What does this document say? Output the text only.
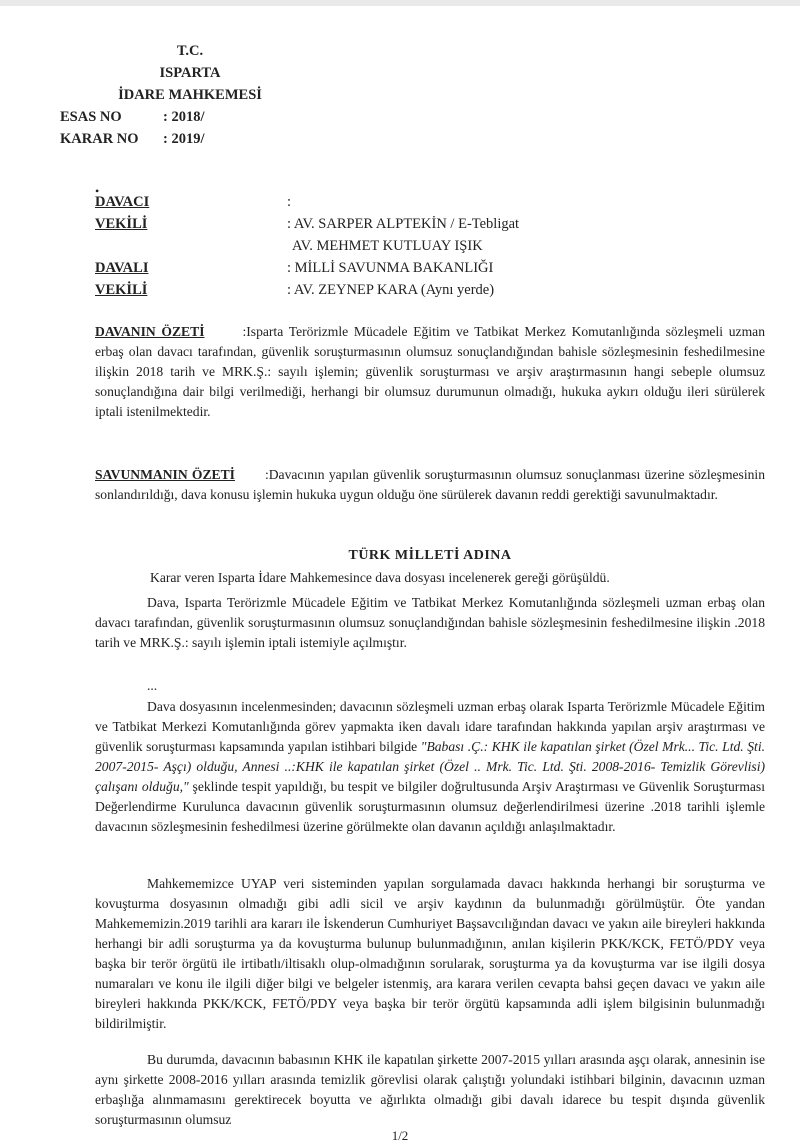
T.C.
ISPARTA
İDARE MAHKEMESİ
ESAS NO	: 2018/
KARAR NO	: 2019/
•
DAVACI	:
VEKİLİ	: AV. SARPER ALPTEKİN / E-Tebligat
AV. MEHMET KUTLUAY IŞIK
DAVALI	: MİLLİ SAVUNMA BAKANLIĞI
VEKİLİ	: AV. ZEYNEP KARA (Aynı yerde)
DAVANIN ÖZETİ	:Isparta Terörizmle Mücadele Eğitim ve Tatbikat Merkez Komutanlığında sözleşmeli uzman erbaş olan davacı tarafından, güvenlik soruşturmasının olumsuz sonuçlandığından bahisle sözleşmesinin feshedilmesine ilişkin 2018 tarih ve MRK.Ş.: sayılı işlemin; güvenlik soruşturması ve arşiv araştırmasının hangi sebeple olumsuz sonuçlandığına dair bilgi verilmediği, herhangi bir olumsuz durumunun olmadığı, hukuka aykırı olduğu ileri sürülerek iptali istenilmektedir.
SAVUNMANIN ÖZETİ :Davacının yapılan güvenlik soruşturmasının olumsuz sonuçlanması üzerine sözleşmesinin sonlandırıldığı, dava konusu işlemin hukuka uygun olduğu öne sürülerek davanın reddi gerektiği savunulmaktadır.
TÜRK MİLLETİ ADINA
Karar veren Isparta İdare Mahkemesince dava dosyası incelenerek gereği görüşüldü.
Dava, Isparta Terörizmle Mücadele Eğitim ve Tatbikat Merkez Komutanlığında sözleşmeli uzman erbaş olan davacı tarafından, güvenlik soruşturmasının olumsuz sonuçlandığından bahisle sözleşmesinin feshedilmesine ilişkin .2018 tarih ve MRK.Ş.: sayılı işlemin iptali istemiyle açılmıştır.
...
Dava dosyasının incelenmesinden; davacının sözleşmeli uzman erbaş olarak Isparta Terörizmle Mücadele Eğitim ve Tatbikat Merkezi Komutanlığında görev yapmakta iken davalı idare tarafından hakkında yapılan arşiv araştırması ve güvenlik soruşturması kapsamında yapılan istihbari bilgide "Babası .Ç.: KHK ile kapatılan şirket (Özel Mrk... Tic. Ltd. Şti. 2007-2015- Aşçı) olduğu, Annesi ..:KHK ile kapatılan şirket (Özel .. Mrk. Tic. Ltd. Şti. 2008-2016- Temizlik Görevlisi) çalışanı olduğu," şeklinde tespit yapıldığı, bu tespit ve bilgiler doğrultusunda Arşiv Araştırması ve Güvenlik Soruşturması Değerlendirme Kurulunca davacının güvenlik soruşturmasının olumsuz değerlendirilmesi üzerine .2018 tarihli işlemle davacının sözleşmesinin feshedilmesi üzerine görülmekte olan davanın açıldığı anlaşılmaktadır.
Mahkememizce UYAP veri sisteminden yapılan sorgulamada davacı hakkında herhangi bir soruşturma ve kovuşturma dosyasının olmadığı gibi adli sicil ve arşiv kaydının da bulunmadığı görülmüştür. Öte yandan Mahkememizin.2019 tarihli ara kararı ile İskenderun Cumhuriyet Başsavcılığından davacı ve yakın aile bireyleri hakkında herhangi bir adli soruşturma ya da kovuşturma bulunup bulunmadığının, anılan kişilerin PKK/KCK, FETÖ/PDY veya başka bir terör örgütü ile irtibatlı/iltisaklı olup-olmadığının sorularak, soruşturma ya da kovuşturma var ise ilgili dosya numaraları ve konu ile ilgili diğer bilgi ve belgeler istenmiş, ara karara verilen cevapta bahsi geçen davacı ve yakın aile bireyleri hakkında PKK/KCK, FETÖ/PDY veya başka bir terör örgütü kapsamında adli işlem bilgisinin bulunmadığı bildirilmiştir.
Bu durumda, davacının babasının KHK ile kapatılan şirkette 2007-2015 yılları arasında aşçı olarak, annesinin ise aynı şirkette 2008-2016 yılları arasında temizlik görevlisi olarak çalıştığı yolundaki istihbari bilginin, davacının uzman erbaşlığa alınmamasını gerektirecek boyutta ve ağırlıkta olmadığı gibi davalı idarece bu tespit dışında güvenlik soruşturmasının olumsuz
1/2
